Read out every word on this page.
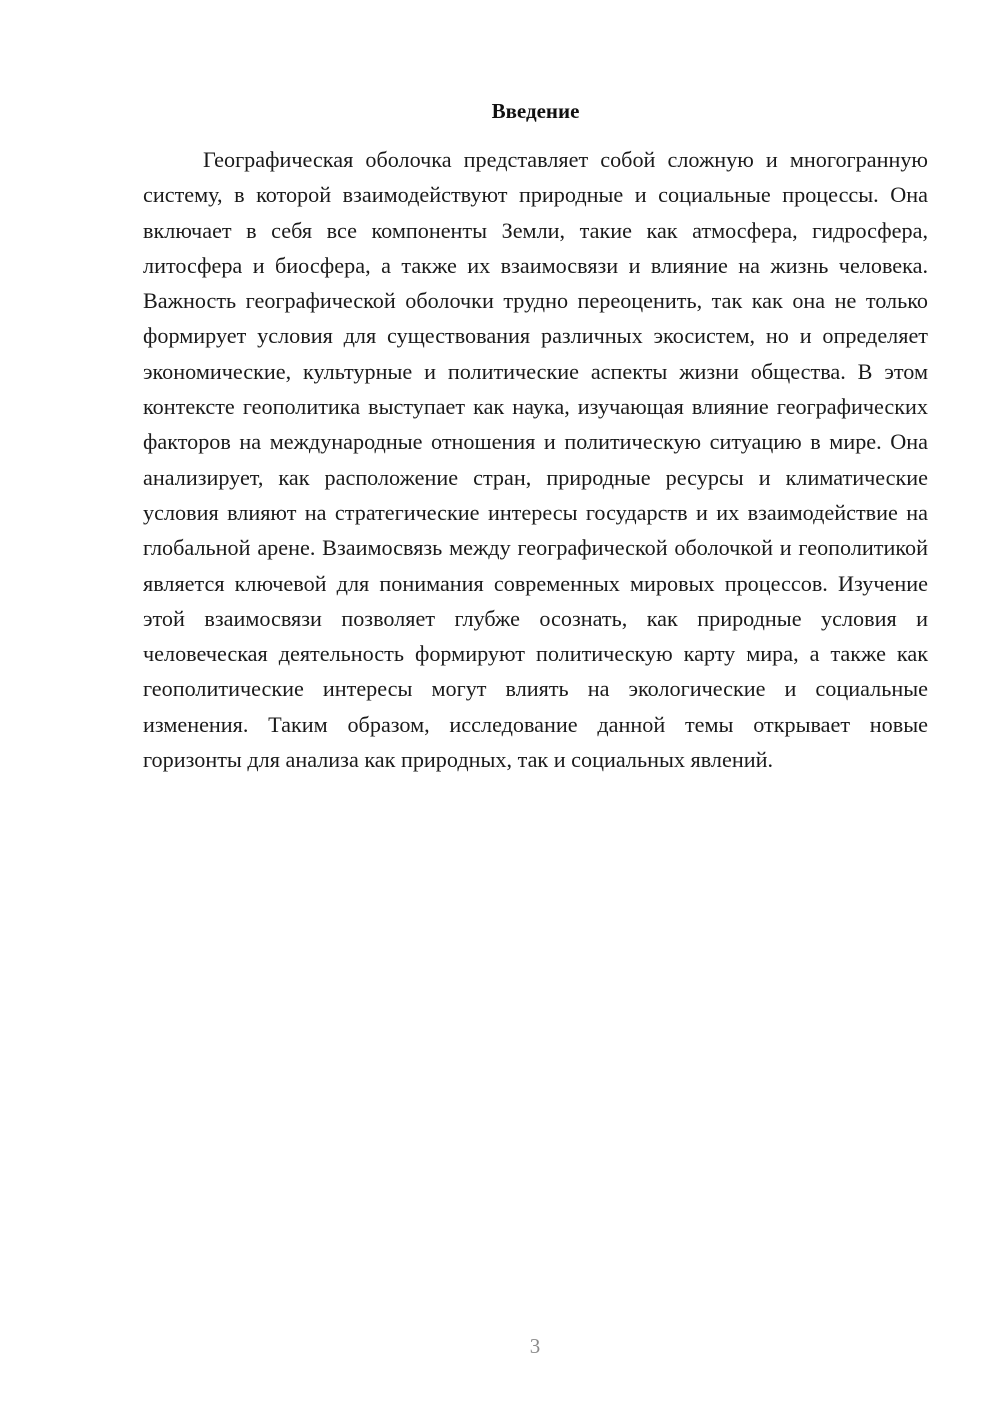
Введение

Географическая оболочка представляет собой сложную и многогранную систему, в которой взаимодействуют природные и социальные процессы. Она включает в себя все компоненты Земли, такие как атмосфера, гидросфера, литосфера и биосфера, а также их взаимосвязи и влияние на жизнь человека. Важность географической оболочки трудно переоценить, так как она не только формирует условия для существования различных экосистем, но и определяет экономические, культурные и политические аспекты жизни общества. В этом контексте геополитика выступает как наука, изучающая влияние географических факторов на международные отношения и политическую ситуацию в мире. Она анализирует, как расположение стран, природные ресурсы и климатические условия влияют на стратегические интересы государств и их взаимодействие на глобальной арене. Взаимосвязь между географической оболочкой и геополитикой является ключевой для понимания современных мировых процессов. Изучение этой взаимосвязи позволяет глубже осознать, как природные условия и человеческая деятельность формируют политическую карту мира, а также как геополитические интересы могут влиять на экологические и социальные изменения. Таким образом, исследование данной темы открывает новые горизонты для анализа как природных, так и социальных явлений.

3
